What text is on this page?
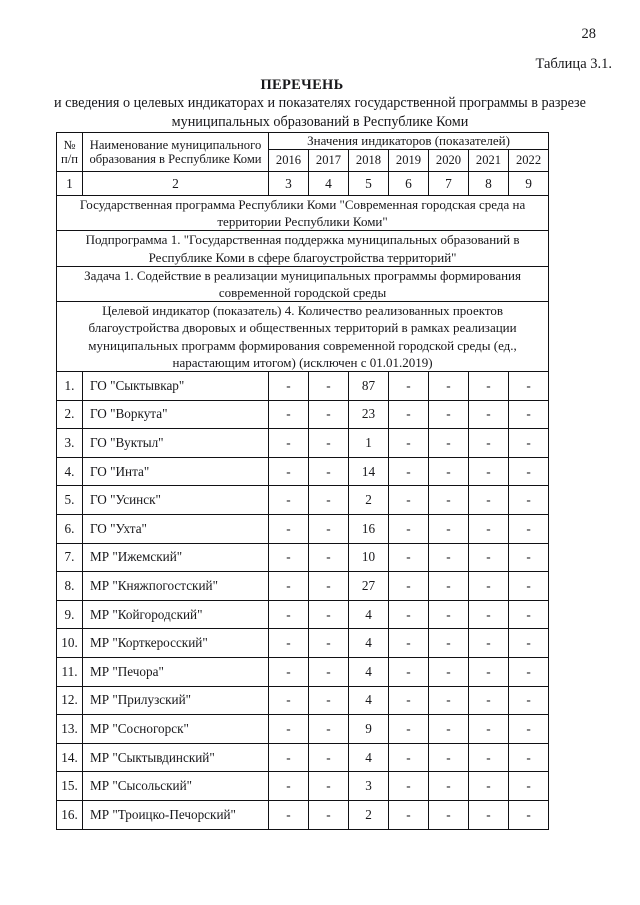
28
Таблица 3.1.
ПЕРЕЧЕНЬ
и сведения о целевых индикаторах и показателях государственной программы в разрезе муниципальных образований в Республике Коми
№ п/п	Наименование муниципального образования в Республике Коми	Значения индикаторов (показателей)						
		2016	2017	2018	2019	2020	2021	2022
1	2	3	4	5	6	7	8	9
Государственная программа Республики Коми "Современная городская среда на территории Республики Коми"								
Подпрограмма 1. "Государственная поддержка муниципальных образований в Республике Коми в сфере благоустройства территорий"								
Задача 1. Содействие в реализации муниципальных программы формирования современной городской среды								
Целевой индикатор (показатель) 4. Количество реализованных проектов благоустройства дворовых и общественных территорий в рамках реализации муниципальных программ формирования современной городской среды (ед., нарастающим итогом) (исключен с 01.01.2019)								
1.	ГО "Сыктывкар"	-	-	87	-	-	-	-
2.	ГО "Воркута"	-	-	23	-	-	-	-
3.	ГО "Вуктыл"	-	-	1	-	-	-	-
4.	ГО "Инта"	-	-	14	-	-	-	-
5.	ГО "Усинск"	-	-	2	-	-	-	-
6.	ГО "Ухта"	-	-	16	-	-	-	-
7.	МР "Ижемский"	-	-	10	-	-	-	-
8.	МР "Княжпогостский"	-	-	27	-	-	-	-
9.	МР "Койгородский"	-	-	4	-	-	-	-
10.	МР "Корткеросский"	-	-	4	-	-	-	-
11.	МР "Печора"	-	-	4	-	-	-	-
12.	МР "Прилузский"	-	-	4	-	-	-	-
13.	МР "Сосногорск"	-	-	9	-	-	-	-
14.	МР "Сыктывдинский"	-	-	4	-	-	-	-
15.	МР "Сысольский"	-	-	3	-	-	-	-
16.	МР "Троицко-Печорский"	-	-	2	-	-	-	-
